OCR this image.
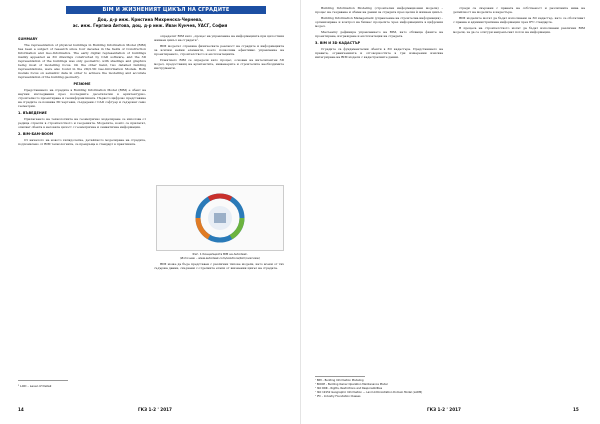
BIM И ЖИЗНЕНИЯТ ЦИКЪЛ НА СГРАДИТЕ
Доц. д-р инж. Кристина Михренска-Чернева,
ас. инж. Гергана Антова, доц. д-р инж. Иван Кунчев, УАСГ, София
SUMMARY

The representation of physical buildings in Building Information Model (BIM) has been a subject of research since four decades in the fields of Construction Information and Geo-Informatics. The early digital representation of buildings mainly appeared as 3D drawings constructed by CAD software, and the 3D representation of the buildings was only geometric, with shadings and graphics being most of modelling focus. On the other hand, two detailed building representations, were also found in the 2D/2.5D Geo-Information Models. Both models focus on semantic data in order to achieve the modelling and accurate representation of the building geometry.

РЕЗЮМЕ

Представянето на сградите в Building Information Model (BIM) е обект на научни изследвания през последните десетилетия в архитектурно-строителното проектиране и геоинформатиката. Първото цифрово представяне на сградите се появява 3D чертежи, създадени с CAD софтуер и съдържат само геометрия.

1. ВЪВЕДЕНИЕ

Прилагането на технологиите на геометрично моделиране се използва от редица отрасли в строителството и геодезията. Моделите, които се прилагат, описват обекта в неговата цялост с геометрична и семантична информация.

2. BIM-БАМ-BOOM

От началото на новото хилядолетие, детайлното моделиране на сградите, подпомагано от BIM технологията, се превръща в стандарт в практиката.

определят BIM като „процес на управление на информацията при цялостния жизнен цикъл на сградата“.

BIM моделът отразява физическата реалност на сградите и информацията за всички нейни елементи, което позволява ефективно управление на проектирането, строителството и експлоатацията.

Понятието BIM се определя като процес, основан на интелигентен 3D модел, предоставящ на архитектите, инженерите и строителите необходимите инструменти.

Фиг. 1 Концепцията BIM на Autodesk.
(Източник – www.autodesk.com/solutions/bim/overview)

BIM може да бъде представен с различни типове модели, като всеки от тях съдържа данни, свързани с отделните етапи от жизнения цикъл на сградата.

¹ LOD – Level of Detail
14	ГКЗ 1-2 ' 2017

Building Information Modeling (строителни информационни модели) – процес на създаване и обмен на данни за сградата през целия ѝ жизнен цикъл.

Building Information Management (управление на строителна информация) – организиране и контрол на бизнес процесите чрез информацията в цифровия модел.

MacLeamy дефинира управлението на BIM, като обхваща фазите на проектиране, изграждане и експлоатация на сградата.

3. BIM И 3D КАДАСТЪР

Сградите са фундаментални обекти в 3D кадастъра. Представянето на правата, ограниченията и отговорностите в три измерения изисква интегриране на BIM модели с кадастралните данни.

сгради са свързани с правата на собственост и различните нива на детайлност на моделите в кадастъра.

BIM моделите могат да бъдат използвани за 3D кадастър, като се обогатяват с правна и административна информация чрез IFC стандарта.

В процеса на строителството могат да бъдат използвани различни BIM модели, за да се осигури непрекъснат поток на информация.

¹ BIM – Building Information Modeling
² BOOM – Building Owner Operation Maintenance Model
³ ISO RRR – Rights, Restrictions and Responsibilities
⁴ ISO 19152 Geographic Information — Land Administration Domain Model (LADM)
⁵ IFC – Industry Foundation Classes
ГКЗ 1-2 ' 2017	15
